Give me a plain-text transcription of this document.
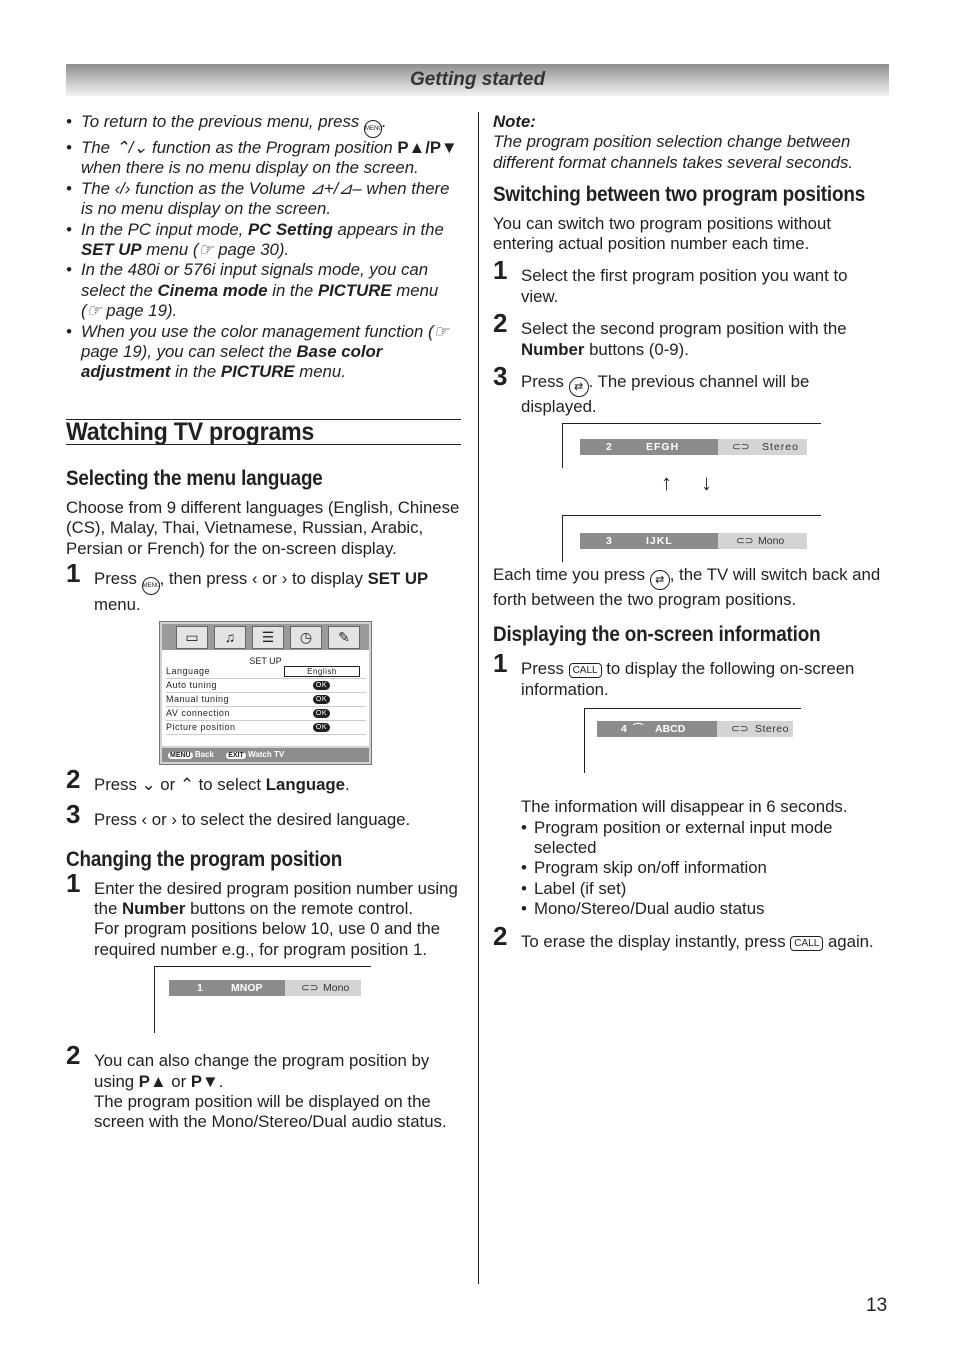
Getting started
• To return to the previous menu, press MENU.
• The ⌃/⌄ function as the Program position P▲/P▼ when there is no menu display on the screen.
• The ‹/› function as the Volume ⊿+/⊿– when there is no menu display on the screen.
• In the PC input mode, PC Setting appears in the SET UP menu (☞ page 30).
• In the 480i or 576i input signals mode, you can select the Cinema mode in the PICTURE menu (☞ page 19).
• When you use the color management function (☞ page 19), you can select the Base color adjustment in the PICTURE menu.
Watching TV programs
Selecting the menu language

Choose from 9 different languages (English, Chinese (CS), Malay, Thai, Vietnamese, Russian, Arabic, Persian or French) for the on-screen display.

1 Press MENU, then press ‹ or › to display SET UP menu.
▭	♫	☰	◷	✎
SET UP
Language	English
Auto tuning	OK
Manual tuning	OK
AV connection	OK
Picture position	OK
MENU Back EXIT Watch TV
2 Press ⌄ or ⌃ to select Language.
3 Press ‹ or › to select the desired language.
Changing the program position
1 Enter the desired program position number using the Number buttons on the remote control.
For program positions below 10, use 0 and the required number e.g., for program position 1.
1	MNOP	⊂⊃ Mono
2 You can also change the program position by using P▲ or P▼.
The program position will be displayed on the screen with the Mono/Stereo/Dual audio status.

Note:

The program position selection change between different format channels takes several seconds.

Switching between two program positions

You can switch two program positions without entering actual position number each time.

1 Select the first program position you want to view.
2 Select the second program position with the Number buttons (0-9).
3 Press ⇄ . The previous channel will be displayed.
2	EFGH	⊂⊃ Stereo
↑ ↓
3	IJKL	⊂⊃ Mono

Each time you press ⇄ , the TV will switch back and forth between the two program positions.

Displaying the on-screen information
1 Press CALL to display the following on-screen information.
4 ⌒ ABCD	⊂⊃ Stereo

The information will disappear in 6 seconds.

• Program position or external input mode selected
• Program skip on/off information
• Label (if set)
• Mono/Stereo/Dual audio status
2 To erase the display instantly, press CALL again.
13
